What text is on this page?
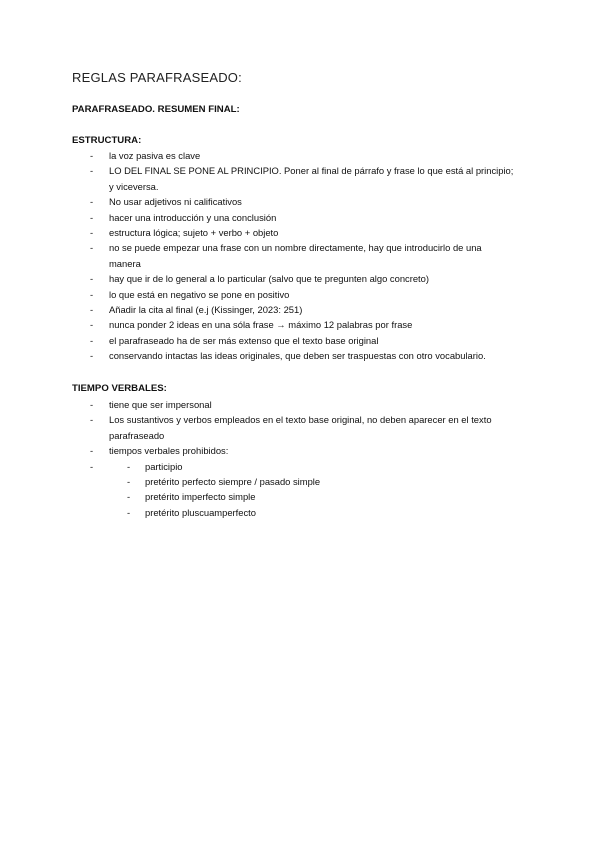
REGLAS PARAFRASEADO:
PARAFRASEADO. RESUMEN FINAL:
ESTRUCTURA:
- la voz pasiva es clave
- LO DEL FINAL SE PONE AL PRINCIPIO. Poner al final de párrafo y frase lo que está al principio;
y viceversa.
- No usar adjetivos ni calificativos
- hacer una introducción y una conclusión
- estructura lógica; sujeto + verbo + objeto
- no se puede empezar una frase con un nombre directamente, hay que introducirlo de una
manera
- hay que ir de lo general a lo particular (salvo que te pregunten algo concreto)
- lo que está en negativo se pone en positivo
- Añadir la cita al final (e.j (Kissinger, 2023: 251)
- nunca ponder 2 ideas en una sóla frase → máximo 12 palabras por frase
- el parafraseado ha de ser más extenso que el texto base original
- conservando intactas las ideas originales, que deben ser traspuestas con otro vocabulario.
TIEMPO VERBALES:
- tiene que ser impersonal
- Los sustantivos y verbos empleados en el texto base original, no deben aparecer en el texto
parafraseado
- tiempos verbales prohibidos:
- - participio
- pretérito perfecto siempre / pasado simple
- pretérito imperfecto simple
- pretérito pluscuamperfecto
